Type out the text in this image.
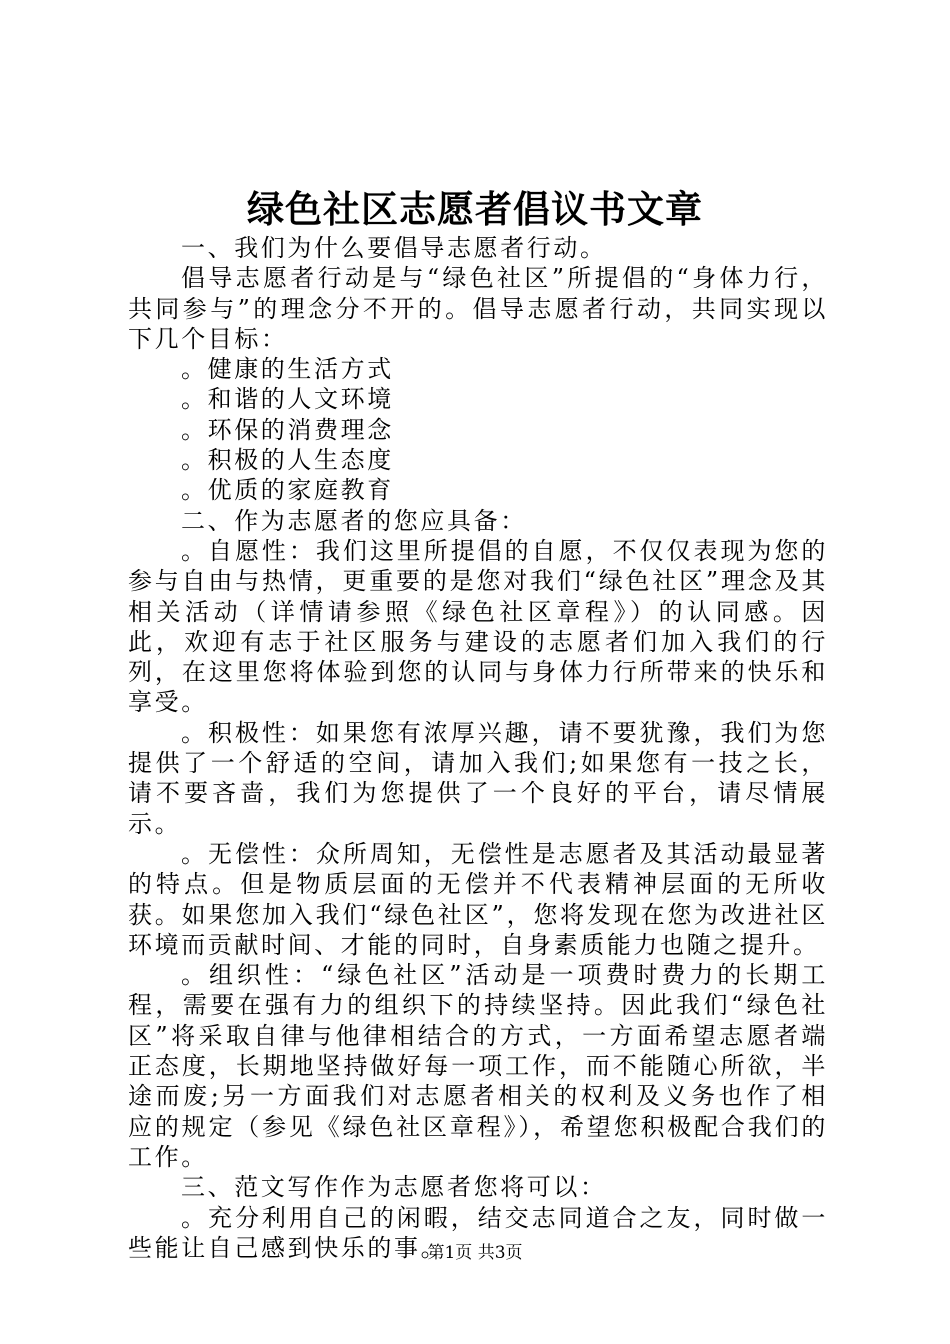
绿色社区志愿者倡议书文章

一、我们为什么要倡导志愿者行动。

倡导志愿者行动是与“绿色社区”所提倡的“身体力行，共同参与”的理念分不开的。倡导志愿者行动，共同实现以下几个目标：

。健康的生活方式

。和谐的人文环境

。环保的消费理念

。积极的人生态度

。优质的家庭教育

二、作为志愿者的您应具备：

。自愿性：我们这里所提倡的自愿，不仅仅表现为您的参与自由与热情，更重要的是您对我们“绿色社区”理念及其相关活动（详情请参照《绿色社区章程》）的认同感。因此，欢迎有志于社区服务与建设的志愿者们加入我们的行列，在这里您将体验到您的认同与身体力行所带来的快乐和享受。

。积极性：如果您有浓厚兴趣，请不要犹豫，我们为您提供了一个舒适的空间，请加入我们;如果您有一技之长，请不要吝啬，我们为您提供了一个良好的平台，请尽情展示。

。无偿性：众所周知，无偿性是志愿者及其活动最显著的特点。但是物质层面的无偿并不代表精神层面的无所收获。如果您加入我们“绿色社区”，您将发现在您为改进社区环境而贡献时间、才能的同时，自身素质能力也随之提升。

。组织性：“绿色社区”活动是一项费时费力的长期工程，需要在强有力的组织下的持续坚持。因此我们“绿色社区”将采取自律与他律相结合的方式，一方面希望志愿者端正态度，长期地坚持做好每一项工作，而不能随心所欲，半途而废;另一方面我们对志愿者相关的权利及义务也作了相应的规定（参见《绿色社区章程》），希望您积极配合我们的工作。

三、范文写作作为志愿者您将可以：

。充分利用自己的闲暇，结交志同道合之友，同时做一些能让自己感到快乐的事。

第1页 共3页
